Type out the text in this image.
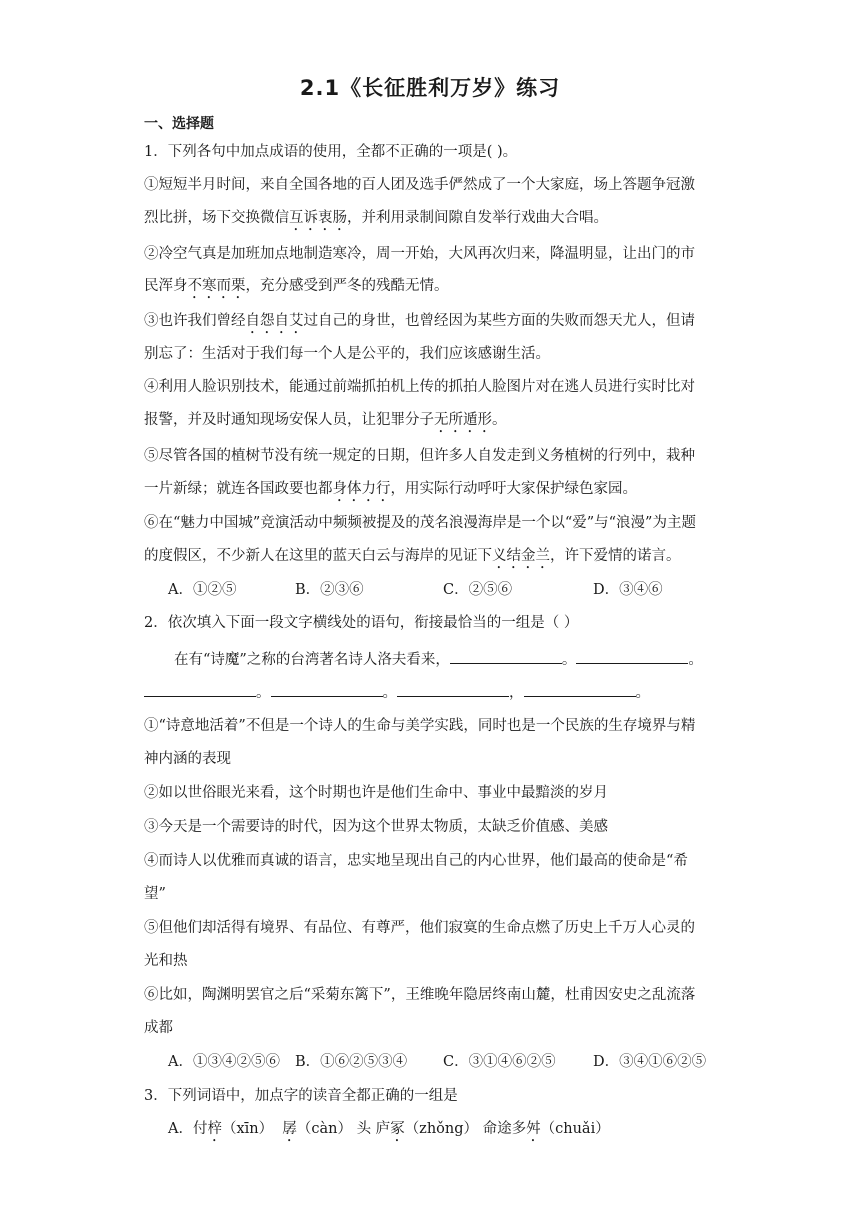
2.1《长征胜利万岁》练习
一、选择题
1．下列各句中加点成语的使用，全都不正确的一项是( )。
①短短半月时间，来自全国各地的百人团及选手俨然成了一个大家庭，场上答题争冠激
烈比拼，场下交换微信互诉衷肠，并利用录制间隙自发举行戏曲大合唱。
②冷空气真是加班加点地制造寒冷，周一开始，大风再次归来，降温明显，让出门的市
民浑身不寒而栗，充分感受到严冬的残酷无情。
③也许我们曾经自怨自艾过自己的身世，也曾经因为某些方面的失败而怨天尤人，但请
别忘了：生活对于我们每一个人是公平的，我们应该感谢生活。
④利用人脸识别技术，能通过前端抓拍机上传的抓拍人脸图片对在逃人员进行实时比对
报警，并及时通知现场安保人员，让犯罪分子无所遁形。
⑤尽管各国的植树节没有统一规定的日期，但许多人自发走到义务植树的行列中，栽种
一片新绿；就连各国政要也都身体力行，用实际行动呼吁大家保护绿色家园。
⑥在“魅力中国城”竞演活动中频频被提及的茂名浪漫海岸是一个以“爱”与“浪漫”为主题
的度假区，不少新人在这里的蓝天白云与海岸的见证下义结金兰，许下爱情的诺言。
A．①②⑤	B．②③⑥	C．②⑤⑥	D．③④⑥
2．依次填入下面一段文字横线处的语句，衔接最恰当的一组是（ ）
在有“诗魔”之称的台湾著名诗人洛夫看来，	。	。
。	。	，	。
①“诗意地活着”不但是一个诗人的生命与美学实践，同时也是一个民族的生存境界与精
神内涵的表现
②如以世俗眼光来看，这个时期也许是他们生命中、事业中最黯淡的岁月
③今天是一个需要诗的时代，因为这个世界太物质，太缺乏价值感、美感
④而诗人以优雅而真诚的语言，忠实地呈现出自己的内心世界，他们最高的使命是“希
望”
⑤但他们却活得有境界、有品位、有尊严，他们寂寞的生命点燃了历史上千万人心灵的
光和热
⑥比如，陶渊明罢官之后“采菊东篱下”，王维晚年隐居终南山麓，杜甫因安史之乱流落
成都
A．①③④②⑤⑥ B．①⑥②⑤③④ C．③①④⑥②⑤	D．③④①⑥②⑤
3．下列词语中，加点字的读音全都正确的一组是
A．付梓（xīn） 孱（càn） 头 庐冢（zhǒng） 命途多舛（chuǎi）
